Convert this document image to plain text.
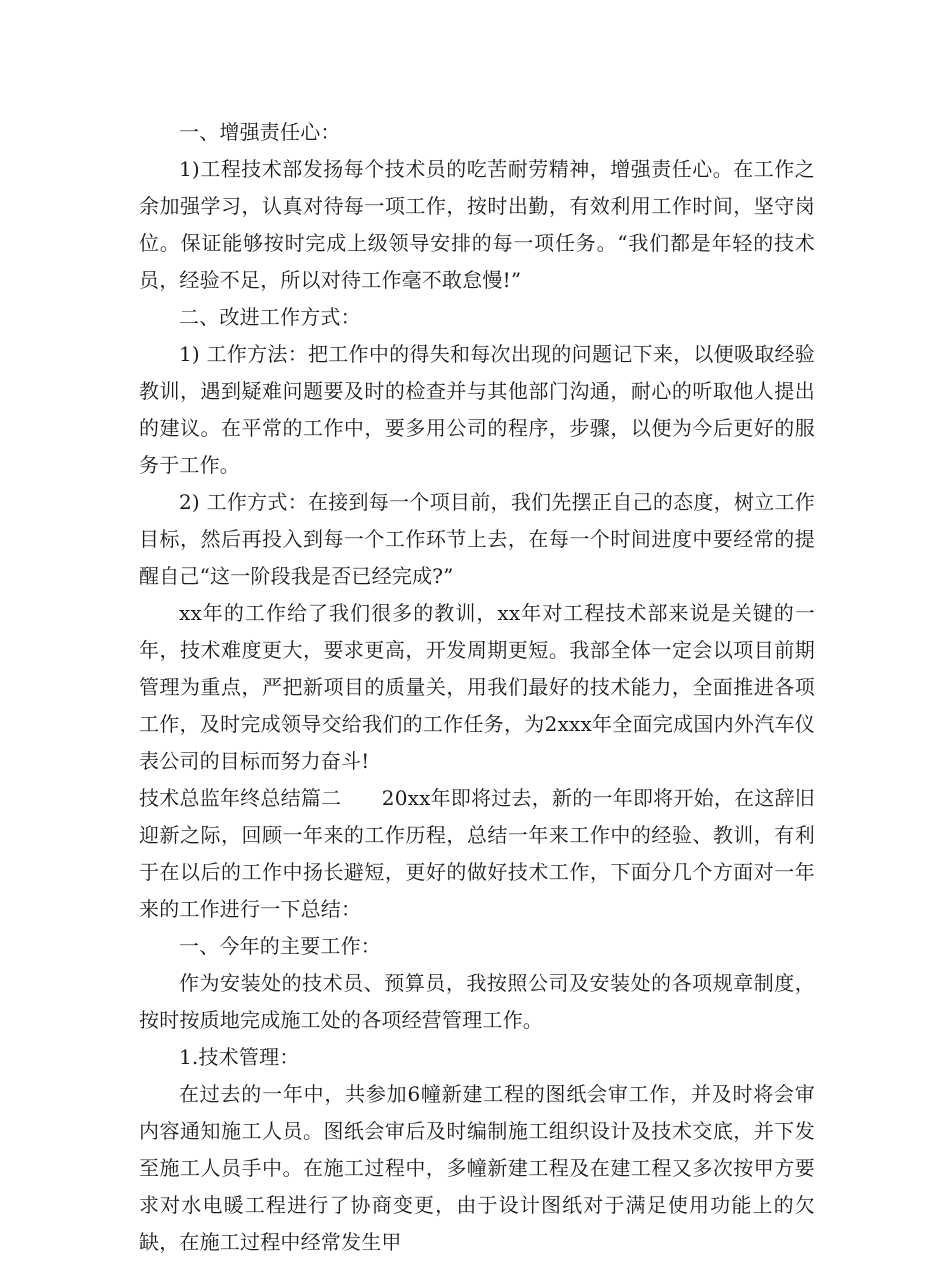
一、增强责任心：

1)工程技术部发扬每个技术员的吃苦耐劳精神，增强责任心。在工作之余加强学习，认真对待每一项工作，按时出勤，有效利用工作时间，坚守岗位。保证能够按时完成上级领导安排的每一项任务。“我们都是年轻的技术员，经验不足，所以对待工作毫不敢怠慢!”

二、改进工作方式：

1) 工作方法：把工作中的得失和每次出现的问题记下来，以便吸取经验教训，遇到疑难问题要及时的检查并与其他部门沟通，耐心的听取他人提出的建议。在平常的工作中，要多用公司的程序，步骤，以便为今后更好的服务于工作。

2) 工作方式：在接到每一个项目前，我们先摆正自己的态度，树立工作目标，然后再投入到每一个工作环节上去，在每一个时间进度中要经常的提醒自己“这一阶段我是否已经完成?”

xx年的工作给了我们很多的教训，xx年对工程技术部来说是关键的一年，技术难度更大，要求更高，开发周期更短。我部全体一定会以项目前期管理为重点，严把新项目的质量关，用我们最好的技术能力，全面推进各项工作，及时完成领导交给我们的工作任务，为2xxx年全面完成国内外汽车仪表公司的目标而努力奋斗!

技术总监年终总结篇二　　20xx年即将过去，新的一年即将开始，在这辞旧迎新之际，回顾一年来的工作历程，总结一年来工作中的经验、教训，有利于在以后的工作中扬长避短，更好的做好技术工作，下面分几个方面对一年来的工作进行一下总结：

一、今年的主要工作：

作为安装处的技术员、预算员，我按照公司及安装处的各项规章制度，按时按质地完成施工处的各项经营管理工作。

1.技术管理：

在过去的一年中，共参加6幢新建工程的图纸会审工作，并及时将会审内容通知施工人员。图纸会审后及时编制施工组织设计及技术交底，并下发至施工人员手中。在施工过程中，多幢新建工程及在建工程又多次按甲方要求对水电暖工程进行了协商变更，由于设计图纸对于满足使用功能上的欠缺，在施工过程中经常发生甲
